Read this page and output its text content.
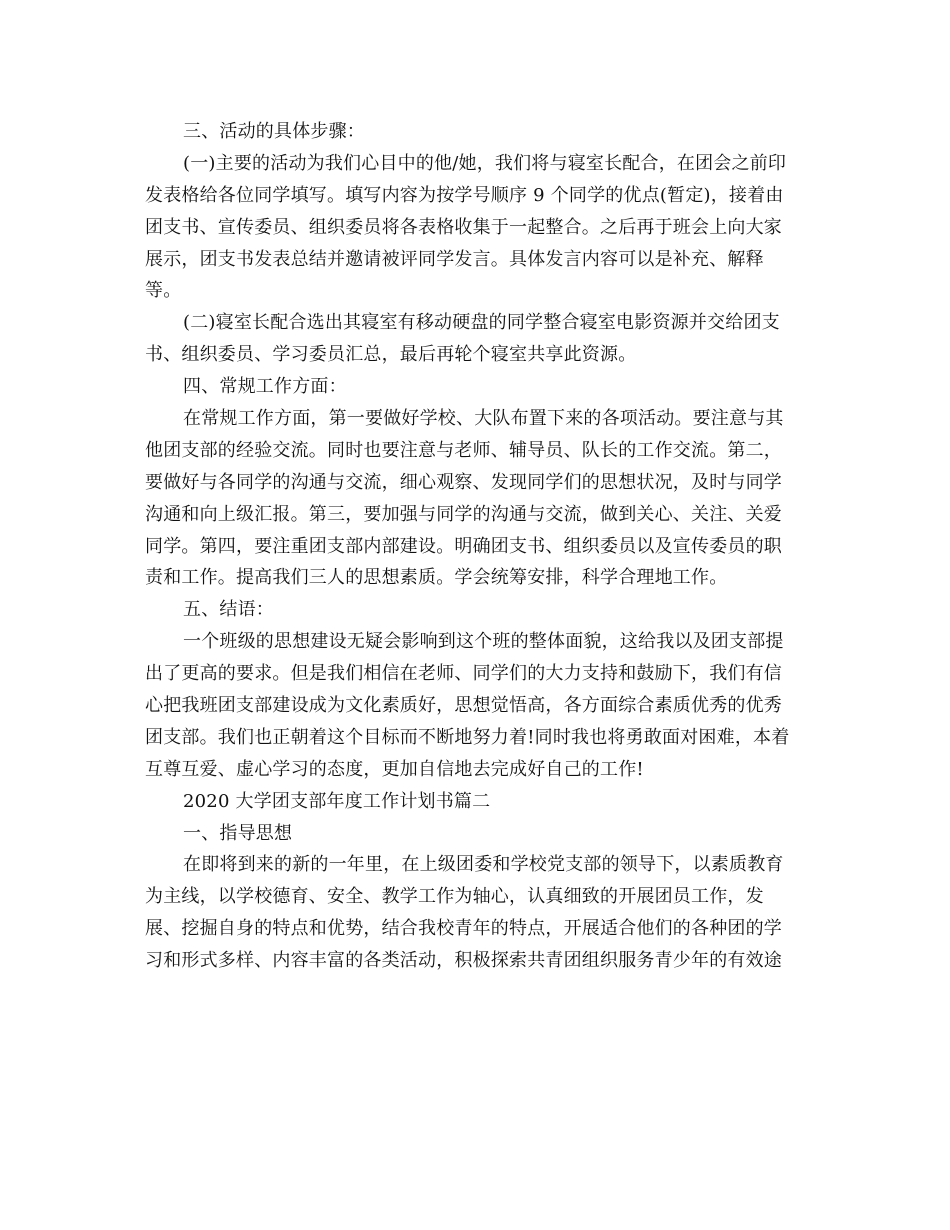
三、活动的具体步骤：
(一)主要的活动为我们心目中的他/她，我们将与寝室长配合，在团会之前印
发表格给各位同学填写。填写内容为按学号顺序 9 个同学的优点(暂定)，接着由
团支书、宣传委员、组织委员将各表格收集于一起整合。之后再于班会上向大家
展示，团支书发表总结并邀请被评同学发言。具体发言内容可以是补充、解释
等。
(二)寝室长配合选出其寝室有移动硬盘的同学整合寝室电影资源并交给团支
书、组织委员、学习委员汇总，最后再轮个寝室共享此资源。
四、常规工作方面：
在常规工作方面，第一要做好学校、大队布置下来的各项活动。要注意与其
他团支部的经验交流。同时也要注意与老师、辅导员、队长的工作交流。第二，
要做好与各同学的沟通与交流，细心观察、发现同学们的思想状况，及时与同学
沟通和向上级汇报。第三，要加强与同学的沟通与交流，做到关心、关注、关爱
同学。第四，要注重团支部内部建设。明确团支书、组织委员以及宣传委员的职
责和工作。提高我们三人的思想素质。学会统筹安排，科学合理地工作。
五、结语：
一个班级的思想建设无疑会影响到这个班的整体面貌，这给我以及团支部提
出了更高的要求。但是我们相信在老师、同学们的大力支持和鼓励下，我们有信
心把我班团支部建设成为文化素质好，思想觉悟高，各方面综合素质优秀的优秀
团支部。我们也正朝着这个目标而不断地努力着!同时我也将勇敢面对困难，本着
互尊互爱、虚心学习的态度，更加自信地去完成好自己的工作!
2020 大学团支部年度工作计划书篇二
一、指导思想
在即将到来的新的一年里，在上级团委和学校党支部的领导下，以素质教育
为主线，以学校德育、安全、教学工作为轴心，认真细致的开展团员工作，发
展、挖掘自身的特点和优势，结合我校青年的特点，开展适合他们的各种团的学
习和形式多样、内容丰富的各类活动，积极探索共青团组织服务青少年的有效途
